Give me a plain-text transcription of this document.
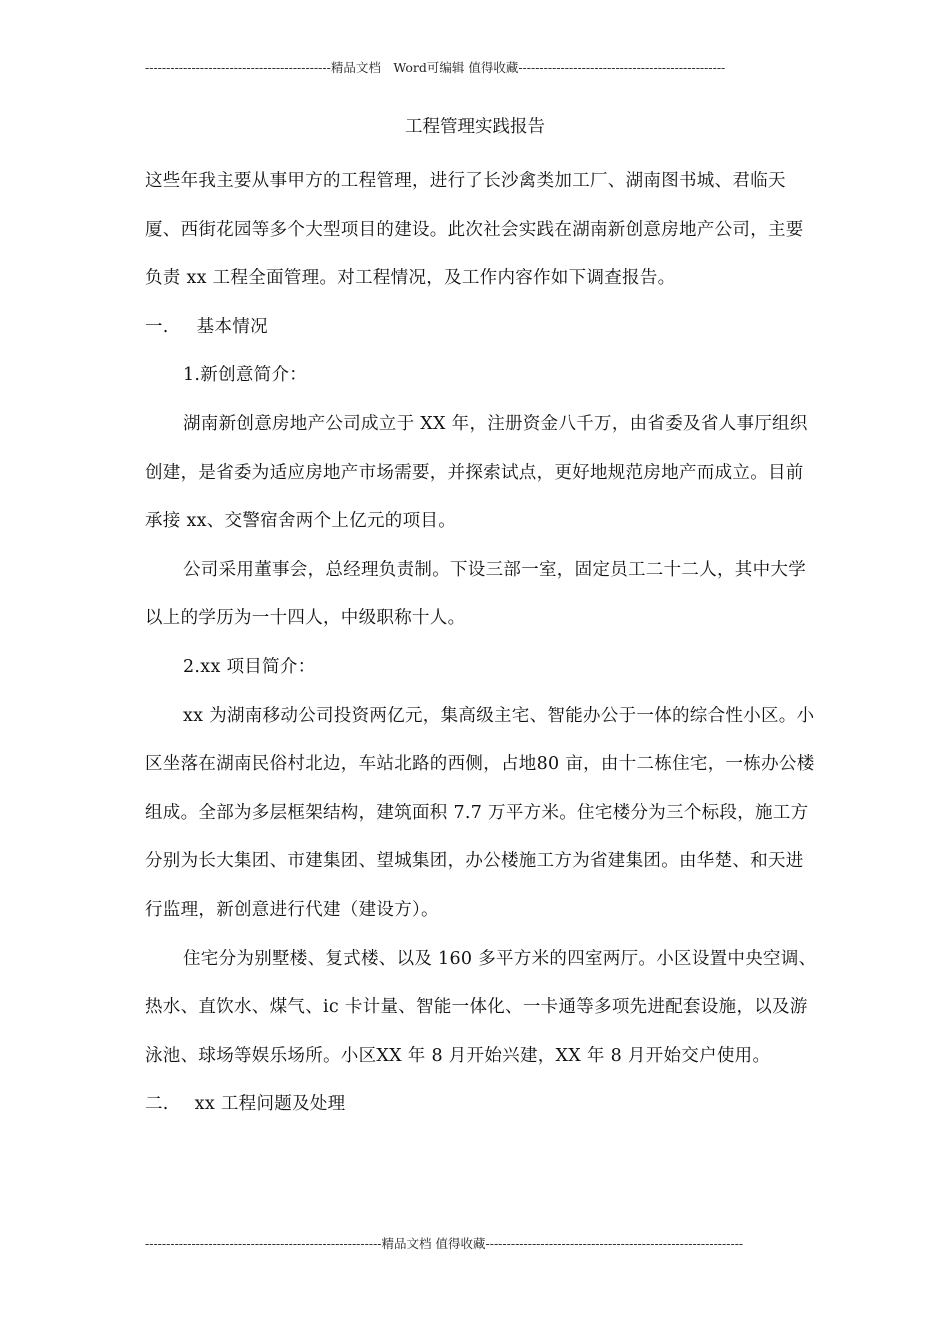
--------------------------------------------精品文档　Word可编辑 值得收藏-------------------------------------------------
工程管理实践报告

这些年我主要从事甲方的工程管理，进行了长沙禽类加工厂、湖南图书城、君临天厦、西街花园等多个大型项目的建设。此次社会实践在湖南新创意房地产公司，主要负责 xx 工程全面管理。对工程情况，及工作内容作如下调查报告。

一. 基本情况

1.新创意简介：

湖南新创意房地产公司成立于 XX 年，注册资金八千万，由省委及省人事厅组织创建，是省委为适应房地产市场需要，并探索试点，更好地规范房地产而成立。目前承接 xx、交警宿舍两个上亿元的项目。

公司采用董事会，总经理负责制。下设三部一室，固定员工二十二人，其中大学以上的学历为一十四人，中级职称十人。

2.xx 项目简介：

xx 为湖南移动公司投资两亿元，集高级主宅、智能办公于一体的综合性小区。小区坐落在湖南民俗村北边，车站北路的西侧，占地80 亩，由十二栋住宅，一栋办公楼组成。全部为多层框架结构，建筑面积 7.7 万平方米。住宅楼分为三个标段，施工方分别为长大集团、市建集团、望城集团，办公楼施工方为省建集团。由华楚、和天进行监理，新创意进行代建（建设方）。

住宅分为别墅楼、复式楼、以及 160 多平方米的四室两厅。小区设置中央空调、热水、直饮水、煤气、ic 卡计量、智能一体化、一卡通等多项先进配套设施，以及游泳池、球场等娱乐场所。小区XX 年 8 月开始兴建，XX 年 8 月开始交户使用。

二. xx 工程问题及处理

--------------------------------------------------------精品文档 值得收藏-------------------------------------------------------------
